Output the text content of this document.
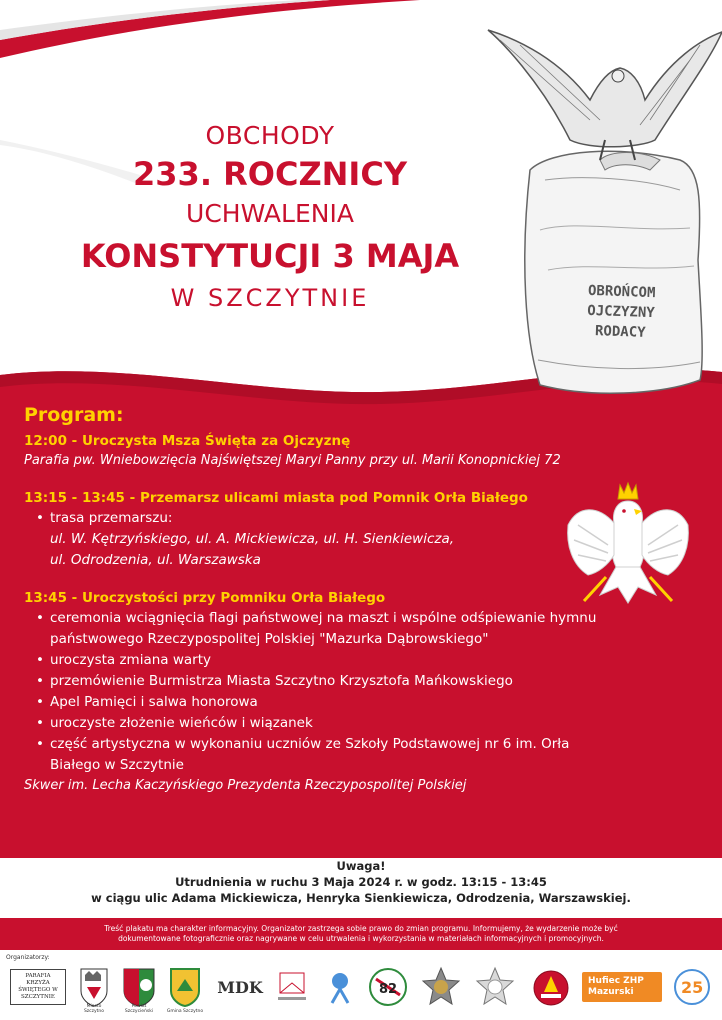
OBROŃCOM
OJCZYZNY
RODACY
OBCHODY
233. ROCZNICY
UCHWALENIA
KONSTYTUCJI 3 MAJA
W SZCZYTNIE
Program:
12:00 - Uroczysta Msza Święta za Ojczyznę
Parafia pw. Wniebowzięcia Najświętszej Maryi Panny przy ul. Marii Konopnickiej 72
13:15 - 13:45 - Przemarsz ulicami miasta pod Pomnik Orła Białego
• trasa przemarszu:
ul. W. Kętrzyńskiego, ul. A. Mickiewicza, ul. H. Sienkiewicza,
ul. Odrodzenia, ul. Warszawska
13:45 - Uroczystości przy Pomniku Orła Białego
• ceremonia wciągnięcia flagi państwowej na maszt i wspólne odśpiewanie hymnu państwowego Rzeczypospolitej Polskiej "Mazurka Dąbrowskiego"
• uroczysta zmiana warty
• przemówienie Burmistrza Miasta Szczytno Krzysztofa Mańkowskiego
• Apel Pamięci i salwa honorowa
• uroczyste złożenie wieńców i wiązanek
• część artystyczna w wykonaniu uczniów ze Szkoły Podstawowej nr 6 im. Orła Białego w Szczytnie
Skwer im. Lecha Kaczyńskiego Prezydenta Rzeczypospolitej Polskiej
Uwaga!
Utrudnienia w ruchu 3 Maja 2024 r. w godz. 13:15 - 13:45
w ciągu ulic Adama Mickiewicza, Henryka Sienkiewicza, Odrodzenia, Warszawskiej.
Treść plakatu ma charakter informacyjny. Organizator zastrzega sobie prawo do zmian programu. Informujemy, że wydarzenie może być
dokumentowane fotograficznie oraz nagrywane w celu utrwalenia i wykorzystania w materiałach informacyjnych i promocyjnych.
Organizatorzy:
PARAFIA KRZYŻA ŚWIĘTEGO W SZCZYTNIE
Miasto Szczytno
Powiat Szczycieński	Gmina Szczytno
MDK	82
Hufiec ZHP Mazurski	25
